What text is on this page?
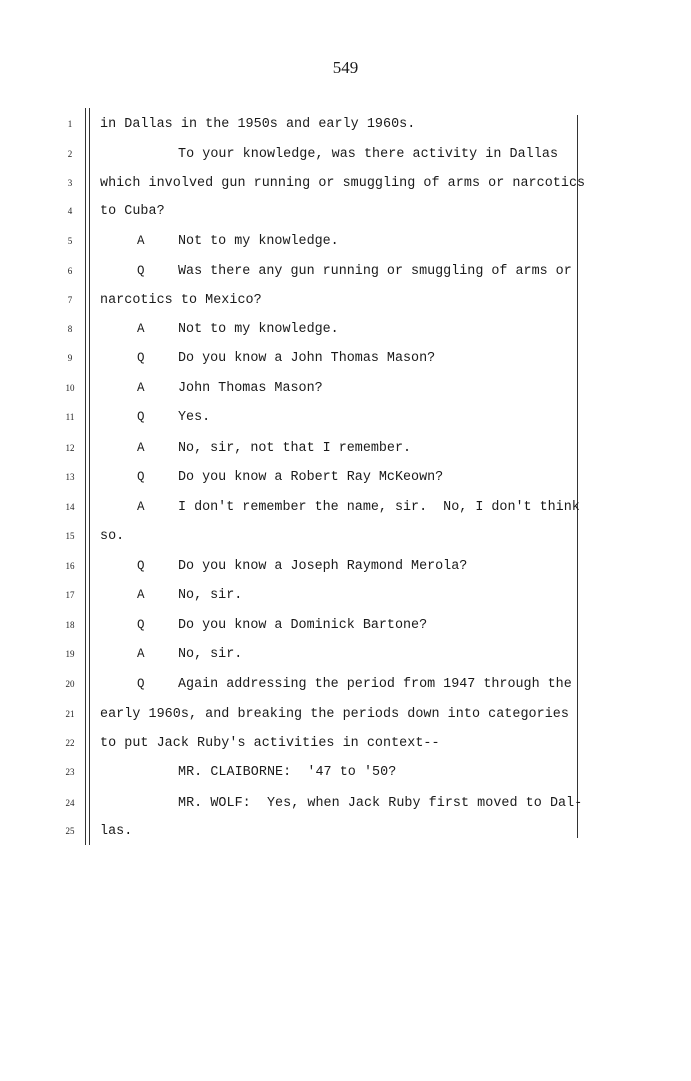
549
1	in Dallas in the 1950s and early 1960s.
2	To your knowledge, was there activity in Dallas
3	which involved gun running or smuggling of arms or narcotics
4	to Cuba?
5	A Not to my knowledge.
6	Q Was there any gun running or smuggling of arms or
7	narcotics to Mexico?
8	A Not to my knowledge.
9	Q Do you know a John Thomas Mason?
10	A John Thomas Mason?
11	Q Yes.
12	A No, sir, not that I remember.
13	Q Do you know a Robert Ray McKeown?
14	A I don't remember the name, sir.  No, I don't think
15	so.
16	Q Do you know a Joseph Raymond Merola?
17	A No, sir.
18	Q Do you know a Dominick Bartone?
19	A No, sir.
20	Q Again addressing the period from 1947 through the
21	early 1960s, and breaking the periods down into categories
22	to put Jack Ruby's activities in context--
23	MR. CLAIBORNE:  '47 to '50?
24	MR. WOLF:  Yes, when Jack Ruby first moved to Dal-
25	las.
